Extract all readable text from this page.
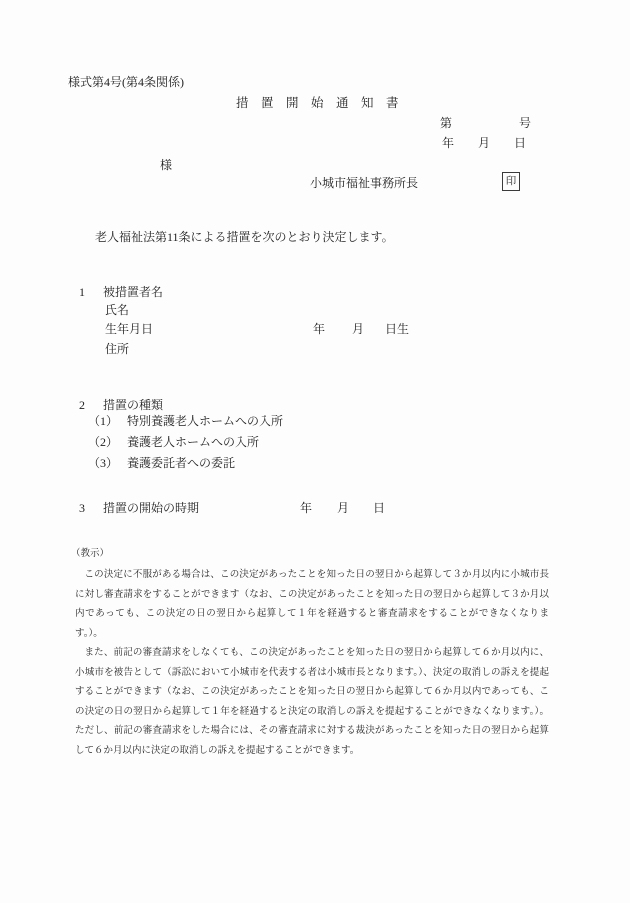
様式第4号(第4条関係)
措　置　開　始　通　知　書
第	号
年 月 日
様
小城市福祉事務所長	印
老人福祉法第11条による措置を次のとおり決定します。
1 被措置者名
氏名
生年月日	年 月 日生
住所
2 措置の種類
（1） 特別養護老人ホームへの入所
（2） 養護老人ホームへの入所
（3） 養護委託者への委託
3 措置の開始の時期	年 月 日
（教示）

この決定に不服がある場合は、この決定があったことを知った日の翌日から起算して３か月以内に小城市長に対し審査請求をすることができます（なお、この決定があったことを知った日の翌日から起算して３か月以内であっても、この決定の日の翌日から起算して１年を経過すると審査請求をすることができなくなります。）。

また、前記の審査請求をしなくても、この決定があったことを知った日の翌日から起算して６か月以内に、小城市を被告として（訴訟において小城市を代表する者は小城市長となります。）、決定の取消しの訴えを提起することができます（なお、この決定があったことを知った日の翌日から起算して６か月以内であっても、この決定の日の翌日から起算して１年を経過すると決定の取消しの訴えを提起することができなくなります。）。ただし、前記の審査請求をした場合には、その審査請求に対する裁決があったことを知った日の翌日から起算して６か月以内に決定の取消しの訴えを提起することができます。
